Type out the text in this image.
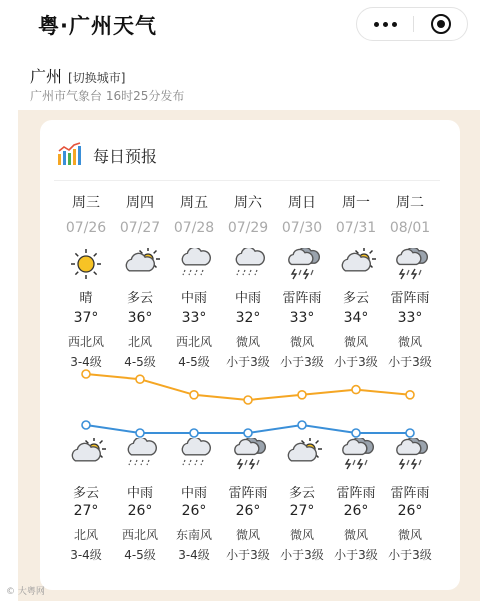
粤·广州天气
广州 [切换城市]
广州市气象台 16时25分发布
每日预报
周三
07/26
晴
37°
西北风
3-4级
多云
27°
北风
3-4级
周四
07/27
多云
36°
北风
4-5级
中雨
26°
西北风
4-5级
周五
07/28
中雨
33°
西北风
4-5级
中雨
26°
东南风
3-4级
周六
07/29
中雨
32°
微风
小于3级
雷阵雨
26°
微风
小于3级
周日
07/30
雷阵雨
33°
微风
小于3级
多云
27°
微风
小于3级
周一
07/31
多云
34°
微风
小于3级
雷阵雨
26°
微风
小于3级
周二
08/01
雷阵雨
33°
微风
小于3级
雷阵雨
26°
微风
小于3级
© 大粤网
